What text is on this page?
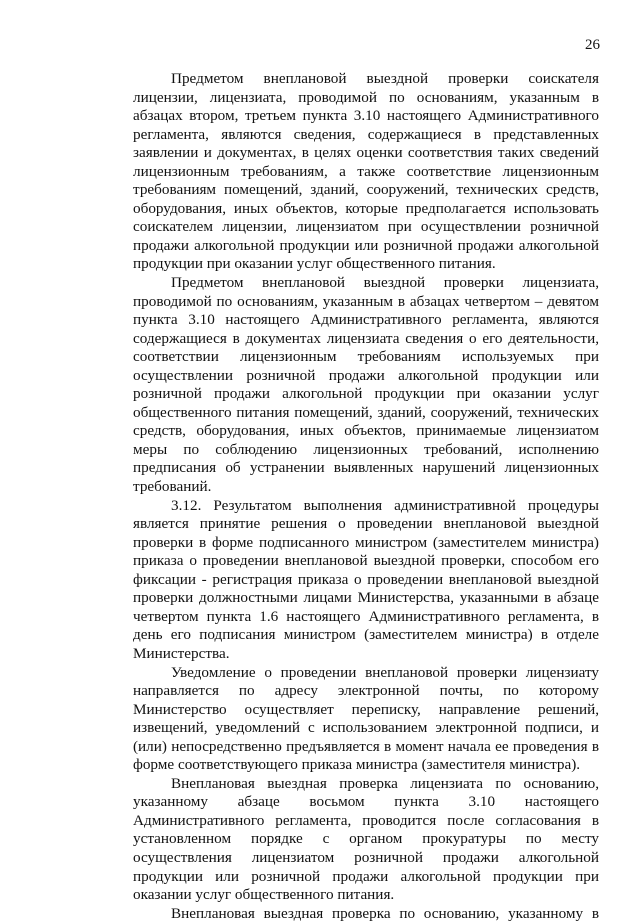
26

Предметом внеплановой выездной проверки соискателя лицензии, лицензиата, проводимой по основаниям, указанным в абзацах втором, третьем пункта 3.10 настоящего Административного регламента, являются сведения, содержащиеся в представленных заявлении и документах, в целях оценки соответствия таких сведений лицензионным требованиям, а также соответствие лицензионным требованиям помещений, зданий, сооружений, технических средств, оборудования, иных объектов, которые предполагается использовать соискателем лицензии, лицензиатом при осуществлении розничной продажи алкогольной продукции или розничной продажи алкогольной продукции при оказании услуг общественного питания.

Предметом внеплановой выездной проверки лицензиата, проводимой по основаниям, указанным в абзацах четвертом – девятом пункта 3.10 настоящего Административного регламента, являются содержащиеся в документах лицензиата сведения о его деятельности, соответствии лицензионным требованиям используемых при осуществлении розничной продажи алкогольной продукции или розничной продажи алкогольной продукции при оказании услуг общественного питания помещений, зданий, сооружений, технических средств, оборудования, иных объектов, принимаемые лицензиатом меры по соблюдению лицензионных требований, исполнению предписания об устранении выявленных нарушений лицензионных требований.

3.12. Результатом выполнения административной процедуры является принятие решения о проведении внеплановой выездной проверки в форме подписанного министром (заместителем министра) приказа о проведении внеплановой выездной проверки, способом его фиксации - регистрация приказа о проведении внеплановой выездной проверки должностными лицами Министерства, указанными в абзаце четвертом пункта 1.6 настоящего Административного регламента, в день его подписания министром (заместителем министра) в отделе Министерства.

Уведомление о проведении внеплановой проверки лицензиату направляется по адресу электронной почты, по которому Министерство осуществляет переписку, направление решений, извещений, уведомлений с использованием электронной подписи, и (или) непосредственно предъявляется в момент начала ее проведения в форме соответствующего приказа министра (заместителя министра).

Внеплановая выездная проверка лицензиата по основанию, указанному абзаце восьмом пункта 3.10 настоящего Административного регламента, проводится после согласования в установленном порядке с органом прокуратуры по месту осуществления лицензиатом розничной продажи алкогольной продукции или розничной продажи алкогольной продукции при оказании услуг общественного питания.

Внеплановая выездная проверка по основанию, указанному в
